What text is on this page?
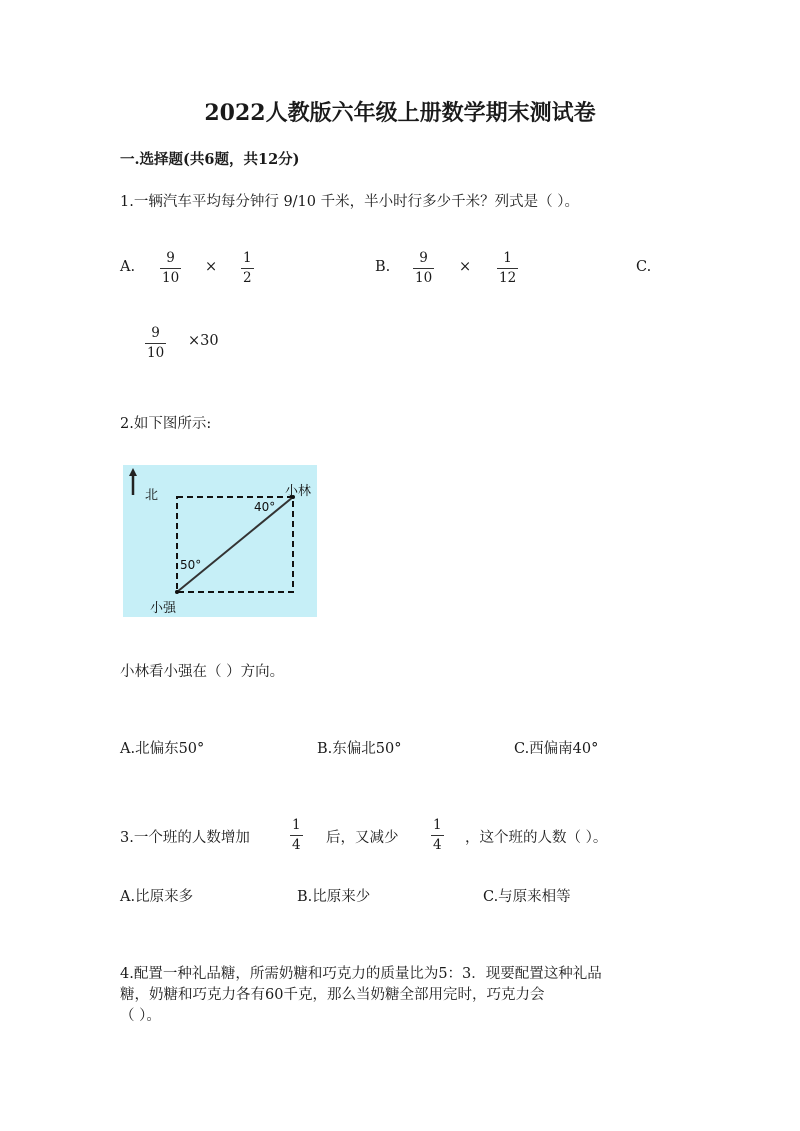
2022人教版六年级上册数学期末测试卷
一.选择题(共6题，共12分)
1.一辆汽车平均每分钟行 9/10 千米，半小时行多少千米？列式是（ ）。
A.
9
10
×
1
2
B.
9
10
×
1
12
C.
9
10
×30
2.如下图所示:
北	小林
40°
50°
小强
小林看小强在（ ）方向。
A.北偏东50°	B.东偏北50°	C.西偏南40°
3.一个班的人数增加
1
4 后，又减少
1
4 ，这个班的人数（ ）。
A.比原来多	B.比原来少	C.与原来相等
4.配置一种礼品糖，所需奶糖和巧克力的质量比为5：3．现要配置这种礼品
糖，奶糖和巧克力各有60千克，那么当奶糖全部用完时，巧克力会
（ ）。
